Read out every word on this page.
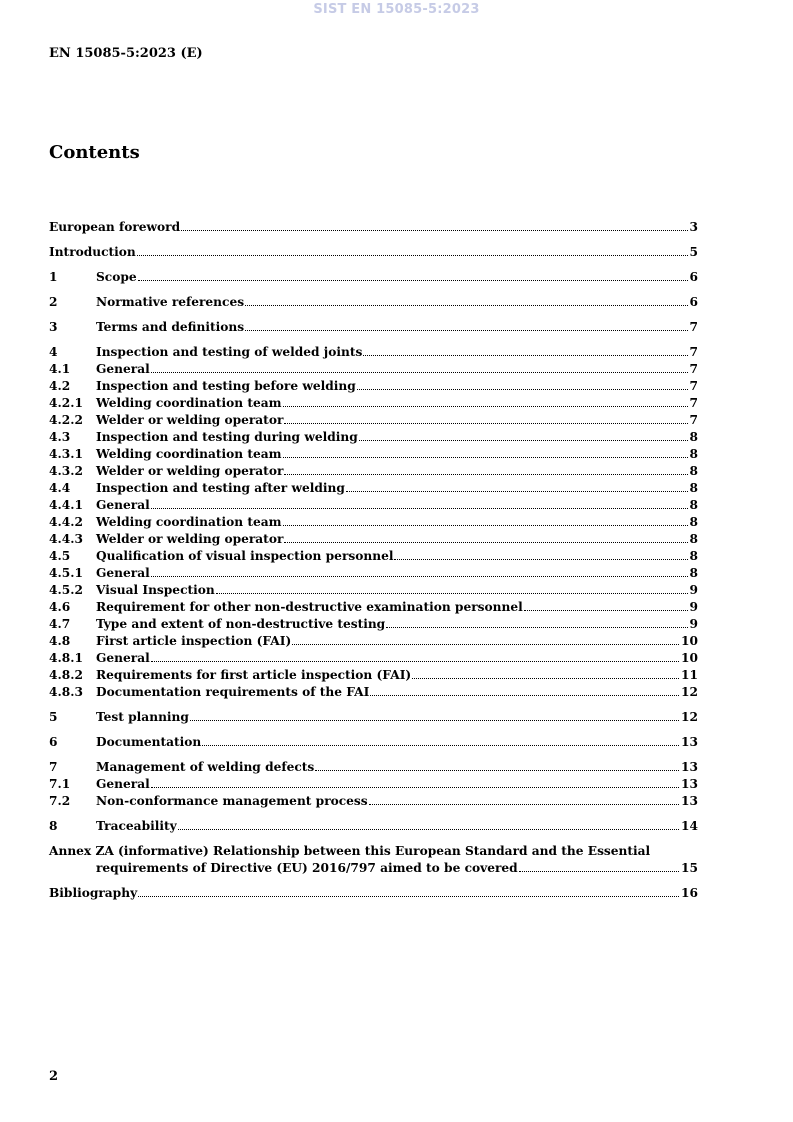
SIST EN 15085-5:2023
EN 15085-5:2023 (E)
Contents
European foreword	3
Introduction	5
1	Scope	6
2	Normative references	6
3	Terms and definitions	7
4	Inspection and testing of welded joints	7
4.1 General	7
4.2 Inspection and testing before welding	7
4.2.1 Welding coordination team	7
4.2.2 Welder or welding operator	7
4.3 Inspection and testing during welding	8
4.3.1 Welding coordination team	8
4.3.2 Welder or welding operator	8
4.4 Inspection and testing after welding	8
4.4.1 General	8
4.4.2 Welding coordination team	8
4.4.3 Welder or welding operator	8
4.5 Qualification of visual inspection personnel	8
4.5.1 General	8
4.5.2 Visual Inspection	9
4.6 Requirement for other non-destructive examination personnel	9
4.7 Type and extent of non-destructive testing	9
4.8 First article inspection (FAI)	10
4.8.1 General	10
4.8.2 Requirements for first article inspection (FAI)	11
4.8.3 Documentation requirements of the FAI	12
5	Test planning	12
6	Documentation	13
7	Management of welding defects	13
7.1 General	13
7.2 Non-conformance management process	13
8	Traceability	14
Annex ZA (informative) Relationship between this European Standard and the Essential
requirements of Directive (EU) 2016/797 aimed to be covered	15
Bibliography	16
2
